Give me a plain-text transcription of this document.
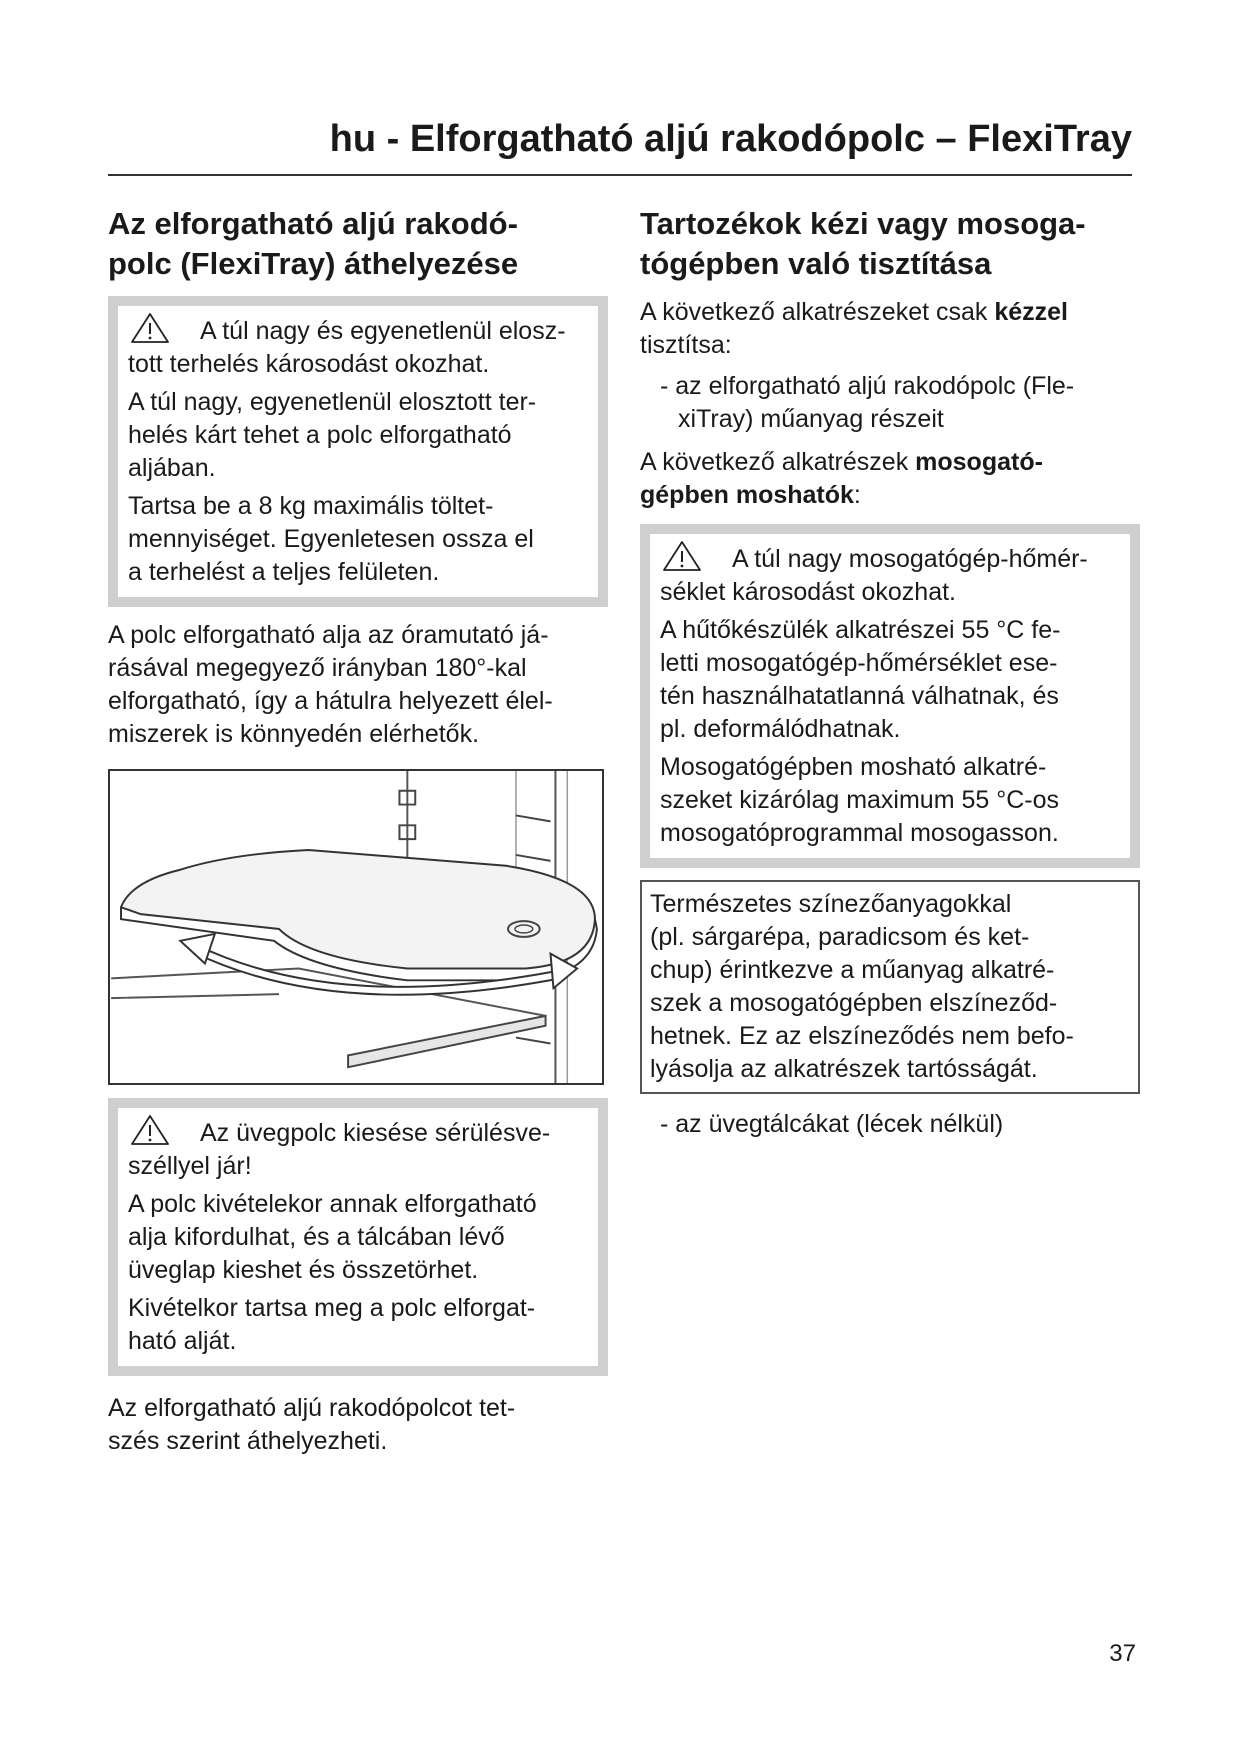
hu - Elforgatható aljú rakodópolc – FlexiTray
Az elforgatható aljú rakodó-
polc (FlexiTray) áthelyezése

A túl nagy és egyenetlenül elosz-
tott terhelés károsodást okozhat.

A túl nagy, egyenetlenül elosztott ter-
helés kárt tehet a polc elforgatható
aljában.

Tartsa be a 8 kg maximális töltet-
mennyiséget. Egyenletesen ossza el
a terhelést a teljes felületen.

A polc elforgatható alja az óramutató já-
rásával megegyező irányban 180°-kal
elforgatható, így a hátulra helyezett élel-
miszerek is könnyedén elérhetők.

Az üvegpolc kiesése sérülésve-
széllyel jár!

A polc kivételekor annak elforgatható
alja kifordulhat, és a tálcában lévő
üveglap kieshet és összetörhet.

Kivételkor tartsa meg a polc elforgat-
ható alját.

Az elforgatható aljú rakodópolcot tet-
szés szerint áthelyezheti.

Tartozékok kézi vagy mosoga-
tógépben való tisztítása

A következő alkatrészeket csak kézzel
tisztítsa:

- az elforgatható aljú rakodópolc (Fle-
xiTray) műanyag részeit

A következő alkatrészek mosogató-
gépben moshatók:

A túl nagy mosogatógép-hőmér-
séklet károsodást okozhat.

A hűtőkészülék alkatrészei 55 °C fe-
letti mosogatógép-hőmérséklet ese-
tén használhatatlanná válhatnak, és
pl. deformálódhatnak.

Mosogatógépben mosható alkatré-
szeket kizárólag maximum 55 °C-os
mosogatóprogrammal mosogasson.

Természetes színezőanyagokkal
(pl. sárgarépa, paradicsom és ket-
chup) érintkezve a műanyag alkatré-
szek a mosogatógépben elszíneződ-
hetnek. Ez az elszíneződés nem befo-
lyásolja az alkatrészek tartósságát.

- az üvegtálcákat (lécek nélkül)

37
